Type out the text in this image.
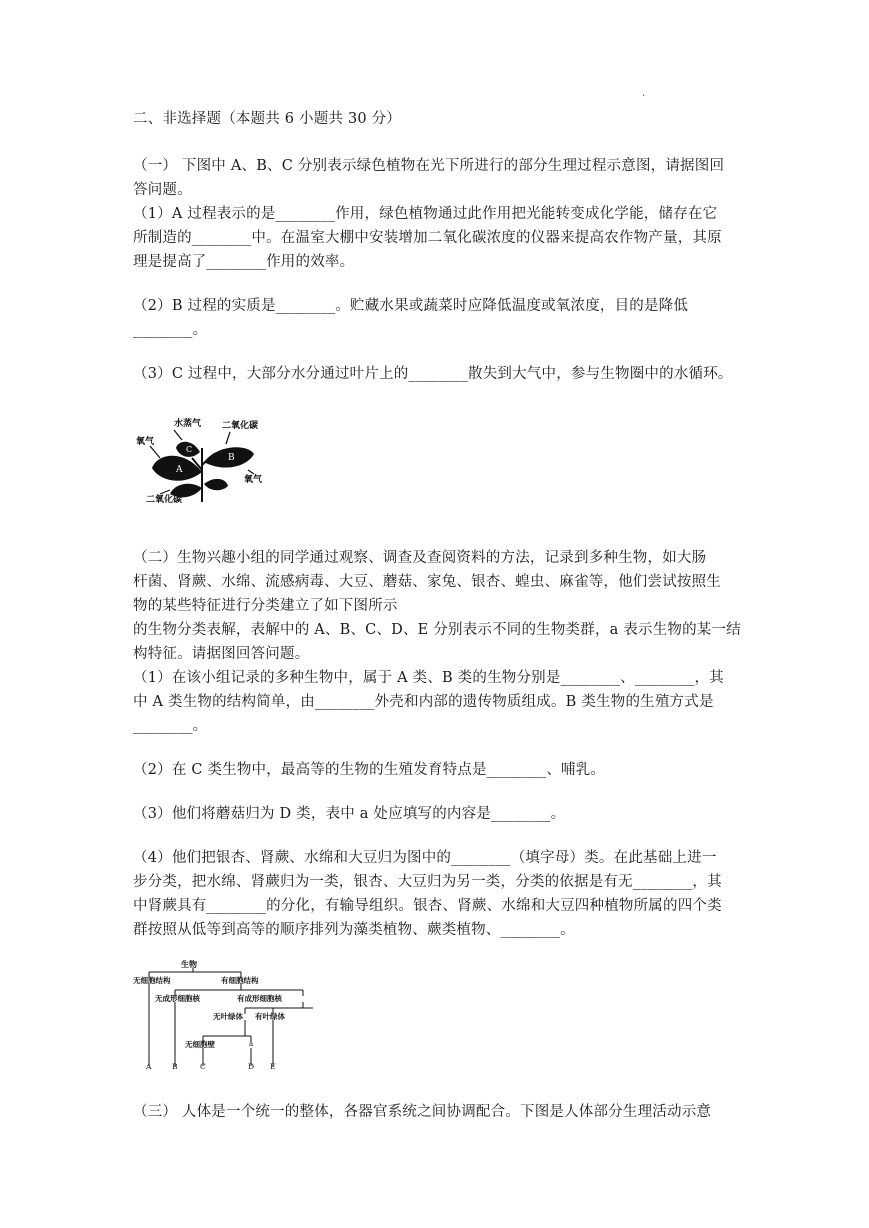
.
二、非选择题（本题共 6 小题共 30 分）
（一） 下图中 A、B、C 分别表示绿色植物在光下所进行的部分生理过程示意图，请据图回
答问题。
（1）A 过程表示的是________作用，绿色植物通过此作用把光能转变成化学能，储存在它
所制造的________中。在温室大棚中安装增加二氧化碳浓度的仪器来提高农作物产量，其原
理是提高了________作用的效率。
（2）B 过程的实质是________。贮藏水果或蔬菜时应降低温度或氧浓度，目的是降低
________。
（3）C 过程中，大部分水分通过叶片上的________散失到大气中，参与生物圈中的水循环。
水蒸气 二氧化碳
氧气
氧气
二氧化碳
A
B
C
（二）生物兴趣小组的同学通过观察、调查及查阅资料的方法，记录到多种生物，如大肠
杆菌、肾蕨、水绵、流感病毒、大豆、蘑菇、家兔、银杏、蝗虫、麻雀等，他们尝试按照生
物的某些特征进行分类建立了如下图所示
的生物分类表解，表解中的 A、B、C、D、E 分别表示不同的生物类群，a 表示生物的某一结
构特征。请据图回答问题。
（1）在该小组记录的多种生物中，属于 A 类、B 类的生物分别是________、________，其
中 A 类生物的结构简单，由________外壳和内部的遗传物质组成。B 类生物的生殖方式是
________。
（2）在 C 类生物中，最高等的生物的生殖发育特点是________、哺乳。
（3）他们将蘑菇归为 D 类，表中 a 处应填写的内容是________。
（4）他们把银杏、肾蕨、水绵和大豆归为图中的________（填字母）类。在此基础上进一
步分类，把水绵、肾蕨归为一类，银杏、大豆归为另一类，分类的依据是有无________，其
中肾蕨具有________的分化，有输导组织。银杏、肾蕨、水绵和大豆四种植物所属的四个类
群按照从低等到高等的顺序排列为藻类植物、蕨类植物、________。
生物
无细胞结构	有细胞结构
无成形细胞核	有成形细胞核
无叶绿体 有叶绿体
无细胞壁	a
A	B	C	D E
（三） 人体是一个统一的整体，各器官系统之间协调配合。下图是人体部分生理活动示意
